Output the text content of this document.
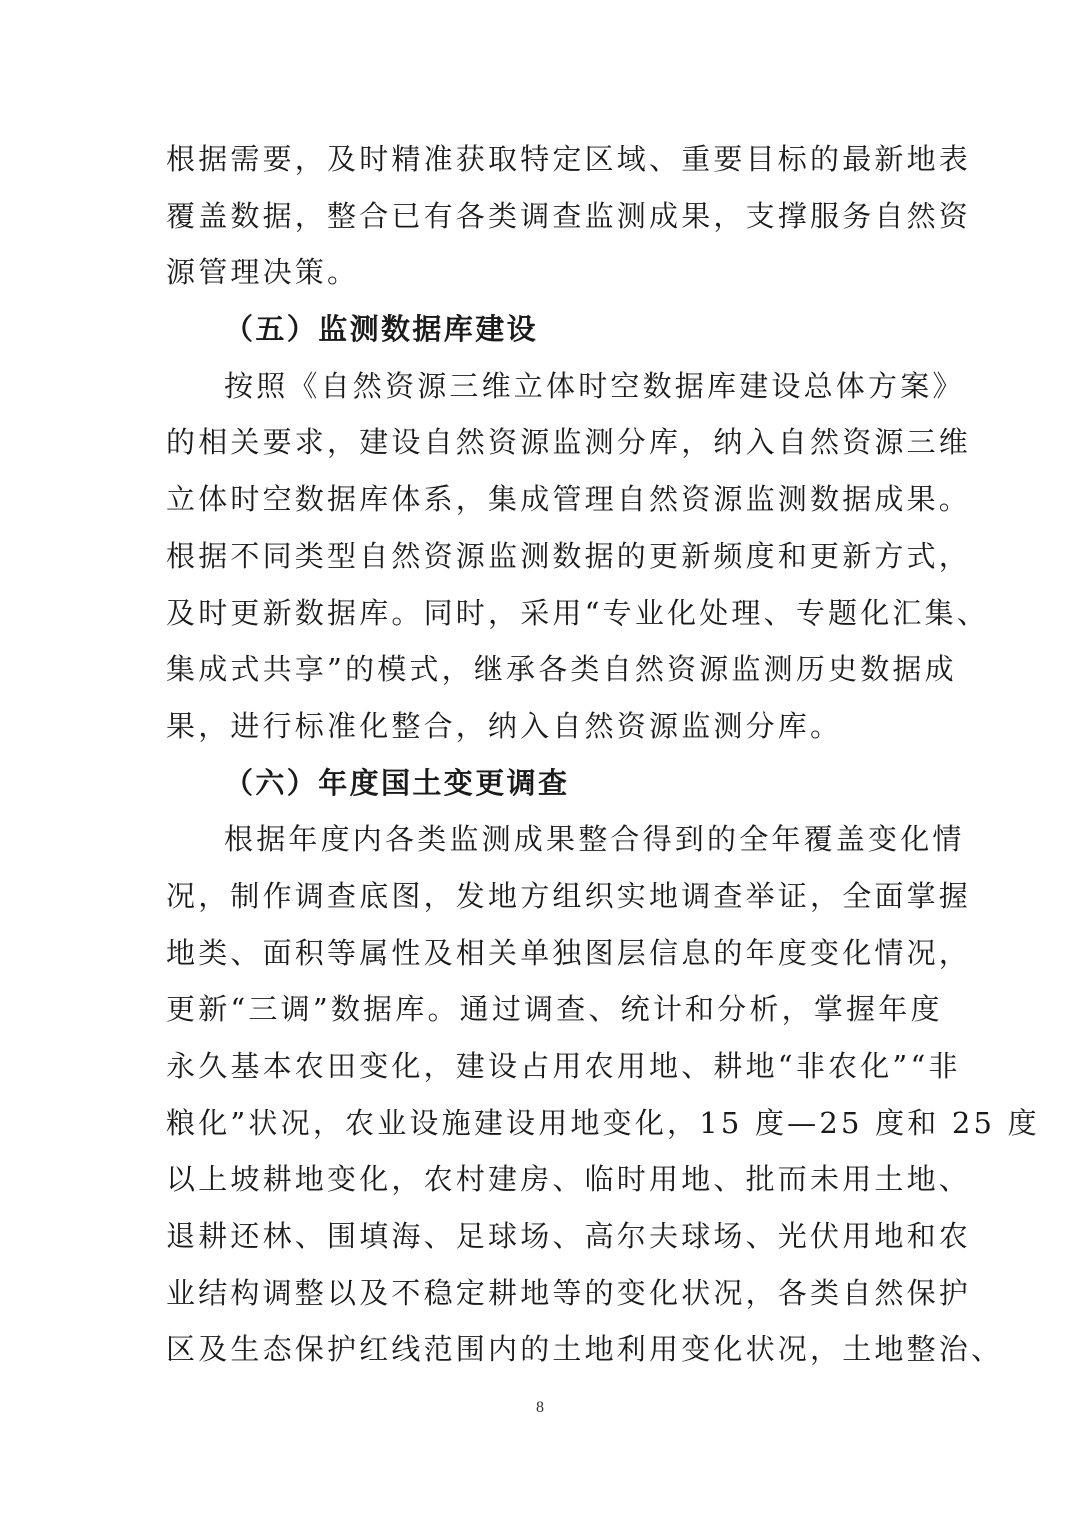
根据需要，及时精准获取特定区域、重要目标的最新地表
覆盖数据，整合已有各类调查监测成果，支撑服务自然资
源管理决策。
（五）监测数据库建设
按照《自然资源三维立体时空数据库建设总体方案》
的相关要求，建设自然资源监测分库，纳入自然资源三维
立体时空数据库体系，集成管理自然资源监测数据成果。
根据不同类型自然资源监测数据的更新频度和更新方式，
及时更新数据库。同时，采用“专业化处理、专题化汇集、
集成式共享”的模式，继承各类自然资源监测历史数据成
果，进行标准化整合，纳入自然资源监测分库。
（六）年度国土变更调查
根据年度内各类监测成果整合得到的全年覆盖变化情
况，制作调查底图，发地方组织实地调查举证，全面掌握
地类、面积等属性及相关单独图层信息的年度变化情况，
更新“三调”数据库。通过调查、统计和分析，掌握年度
永久基本农田变化，建设占用农用地、耕地“非农化”“非
粮化”状况，农业设施建设用地变化，15 度—25 度和 25 度
以上坡耕地变化，农村建房、临时用地、批而未用土地、
退耕还林、围填海、足球场、高尔夫球场、光伏用地和农
业结构调整以及不稳定耕地等的变化状况，各类自然保护
区及生态保护红线范围内的土地利用变化状况，土地整治、
8
